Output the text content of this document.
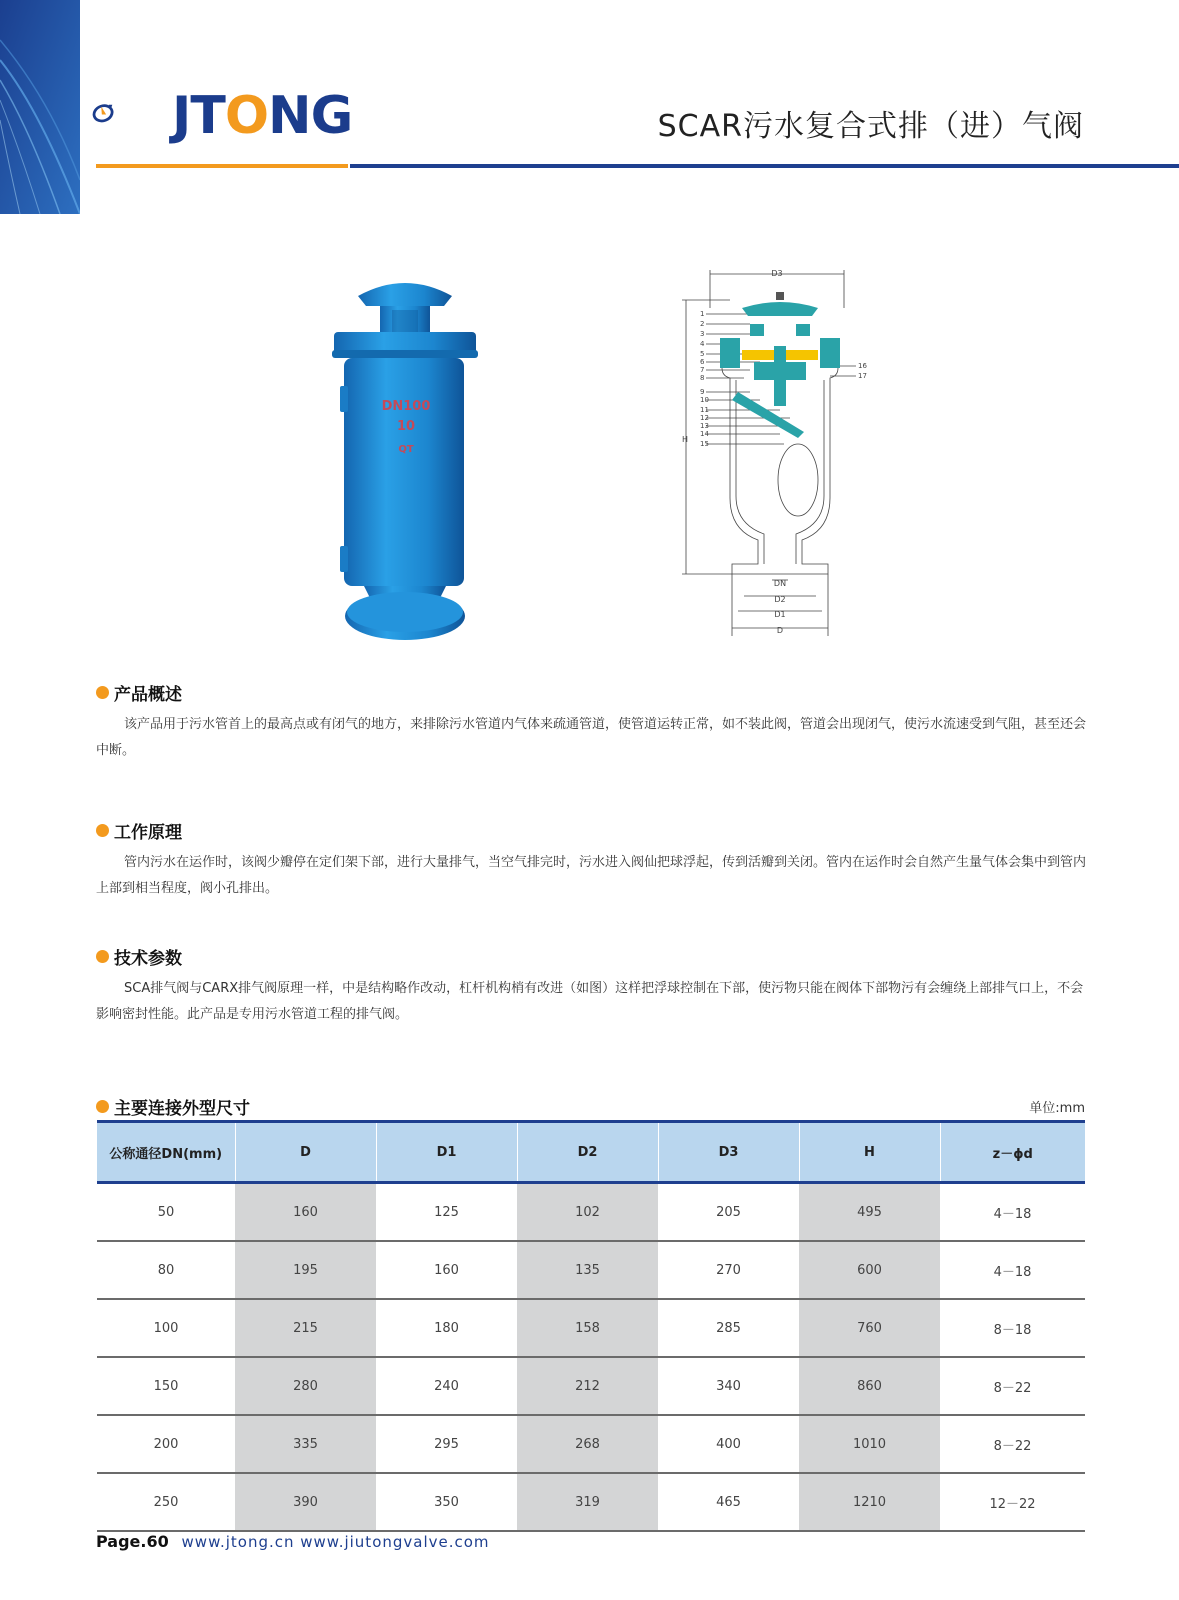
JTONG	SCAR污水复合式排（进）气阀
DN100
10
QT
D3
H
DN
D2
D1
D
1
2
3
4
5
6
7
8
9
10
11
12
13
14
15
16
17
产品概述

该产品用于污水管首上的最高点或有闭气的地方，来排除污水管道内气体来疏通管道，使管道运转正常，如不装此阀，管道会出现闭气，使污水流速受到气阻，甚至还会中断。

工作原理

管内污水在运作时，该阀少瓣停在定们架下部，进行大量排气，当空气排完时，污水进入阀仙把球浮起，传到活瓣到关闭。管内在运作时会自然产生量气体会集中到管内上部到相当程度，阀小孔排出。

技术参数

SCA排气阀与CARX排气阀原理一样，中是结构略作改动，杠杆机构梢有改进（如图）这样把浮球控制在下部，使污物只能在阀体下部物污有会缠绕上部排气口上，不会影响密封性能。此产品是专用污水管道工程的排气阀。

主要连接外型尺寸	单位:mm
公称通径DN(mm)	D	D1	D2	D3	H	z－ϕd
50	160	125	102	205	495	4－18
80	195	160	135	270	600	4－18
100	215	180	158	285	760	8－18
150	280	240	212	340	860	8－22
200	335	295	268	400	1010	8－22
250	390	350	319	465	1210	12－22
Page.60 www.jtong.cn www.jiutongvalve.com
